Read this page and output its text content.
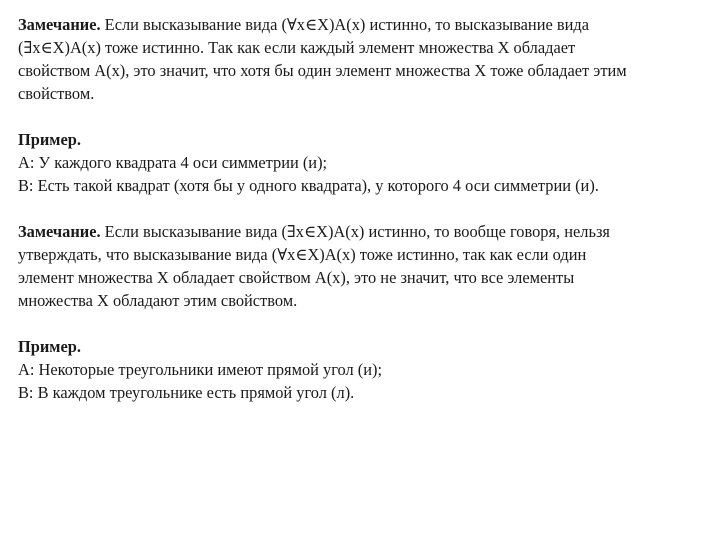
Замечание. Если высказывание вида (∀x∈X)A(x) истинно, то высказывание вида
(∃x∈X)A(x) тоже истинно. Так как если каждый элемент множества X обладает
свойством A(x), это значит, что хотя бы один элемент множества X тоже обладает этим
свойством.
Пример.
A: У каждого квадрата 4 оси симметрии (и);
B: Есть такой квадрат (хотя бы у одного квадрата), у которого 4 оси симметрии (и).
Замечание. Если высказывание вида (∃x∈X)A(x) истинно, то вообще говоря, нельзя
утверждать, что высказывание вида (∀x∈X)A(x) тоже истинно, так как если один
элемент множества X обладает свойством A(x), это не значит, что все элементы
множества X обладают этим свойством.
Пример.
A: Некоторые треугольники имеют прямой угол (и);
B: В каждом треугольнике есть прямой угол (л).
